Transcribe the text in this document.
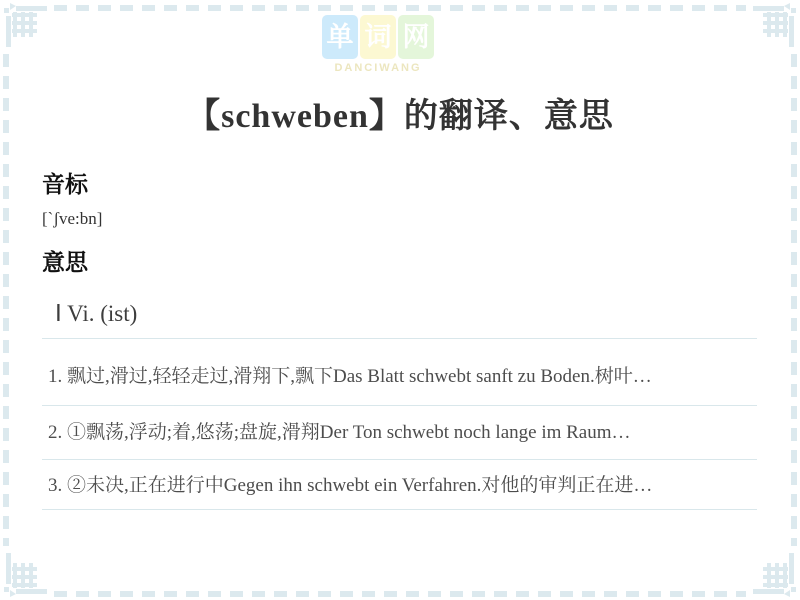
单 词 网
DANCIWANG
【schweben】的翻译、意思
音标
[`ʃve:bn]
意思
Ⅰ Vi. (ist)
1. 飘过,滑过,轻轻走过,滑翔下,飘下Das Blatt schwebt sanft zu Boden.树叶…
2. ①飘荡,浮动;着,悠荡;盘旋,滑翔Der Ton schwebt noch lange im Raum…
3. ②未决,正在进行中Gegen ihn schwebt ein Verfahren.对他的审判正在进…
